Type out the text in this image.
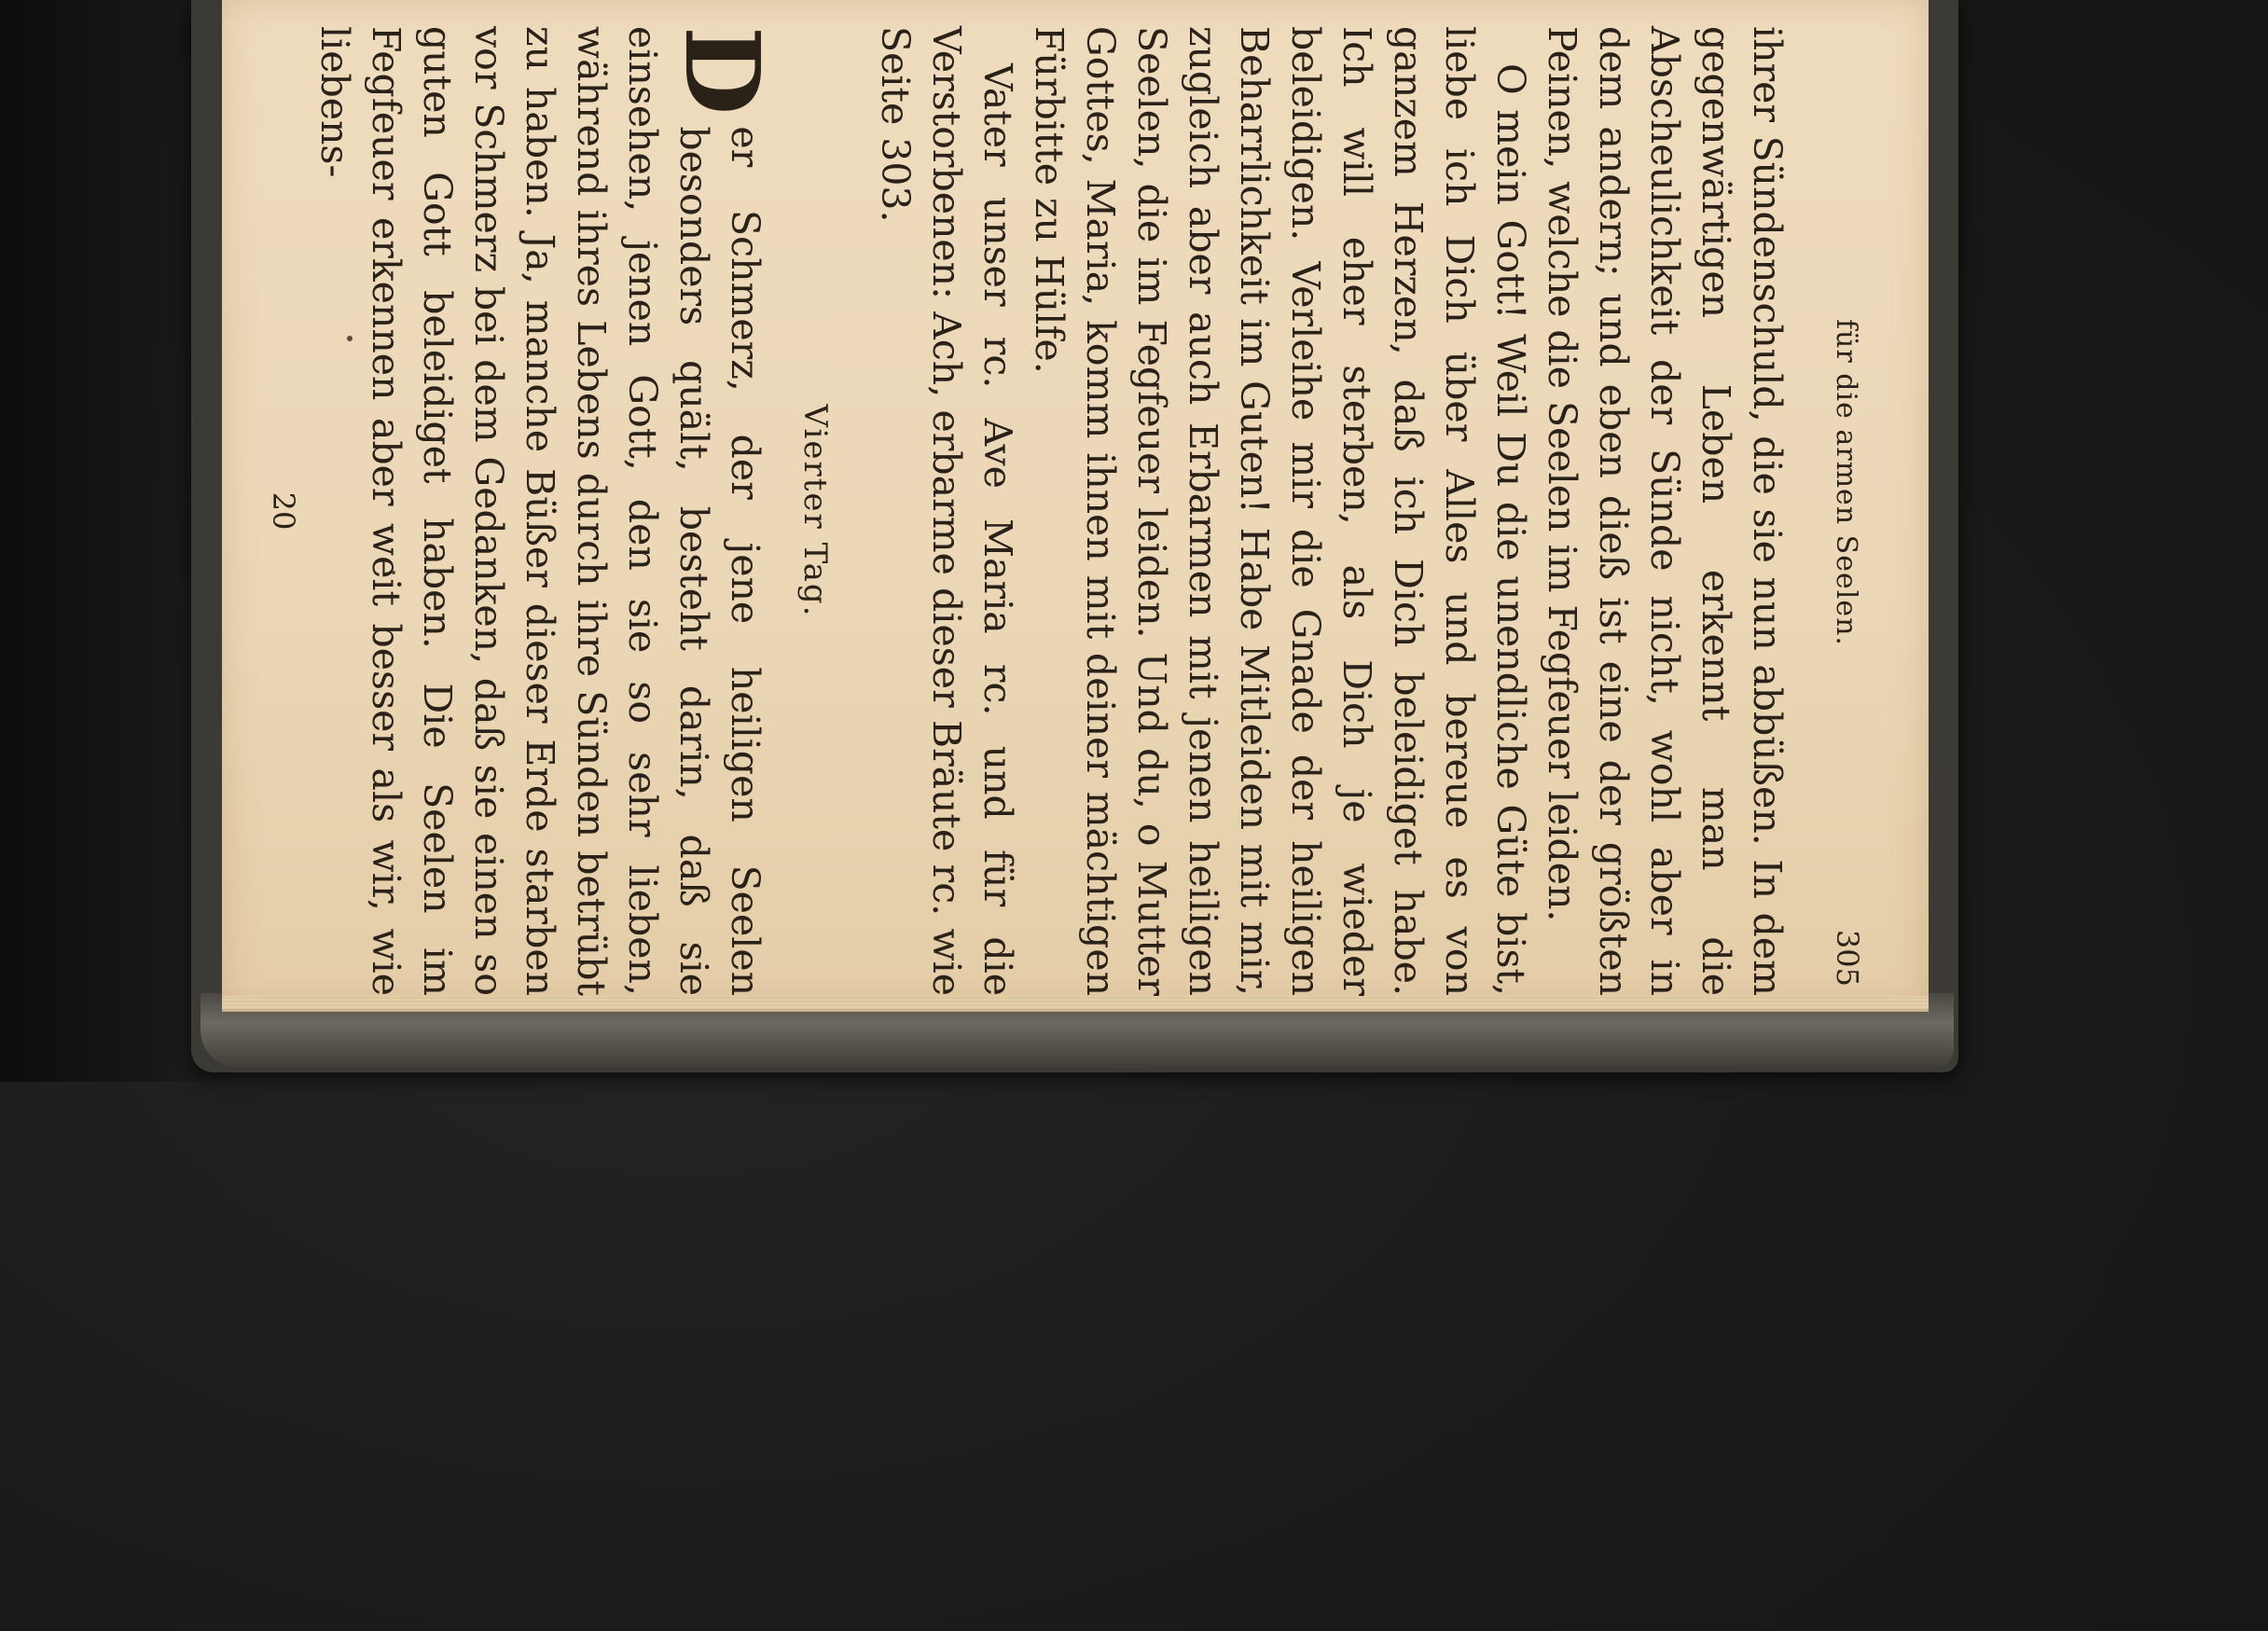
für die armen Seelen.
305

ihrer Sündenschuld, die sie nun abbüßen. In dem gegenwärtigen Leben erkennt man die Abscheulichkeit der Sünde nicht, wohl aber in dem andern; und eben dieß ist eine der größten Peinen, welche die Seelen im Fegfeuer leiden.

O mein Gott! Weil Du die unendliche Güte bist, liebe ich Dich über Alles und bereue es von ganzem Herzen, daß ich Dich beleidiget habe. Ich will eher sterben, als Dich je wieder beleidigen. Verleihe mir die Gnade der heiligen Beharrlichkeit im Guten! Habe Mitleiden mit mir, zugleich aber auch Erbarmen mit jenen heiligen Seelen, die im Fegfeuer leiden. Und du, o Mutter Gottes, Maria, komm ihnen mit deiner mächtigen Fürbitte zu Hülfe.

Vater unser rc. Ave Maria rc. und für die Verstorbenen: Ach, erbarme dieser Bräute rc. wie Seite 303.

Vierter Tag.

D
er Schmerz, der jene heiligen Seelen besonders quält, besteht darin, daß sie einsehen, jenen Gott, den sie so sehr lieben, während ihres Lebens durch ihre Sünden betrübt zu haben. Ja, manche Büßer dieser Erde starben vor Schmerz bei dem Gedanken, daß sie einen so guten Gott beleidiget haben. Die Seelen im Fegfeuer erkennen aber weit besser als wir, wie liebens-

20
